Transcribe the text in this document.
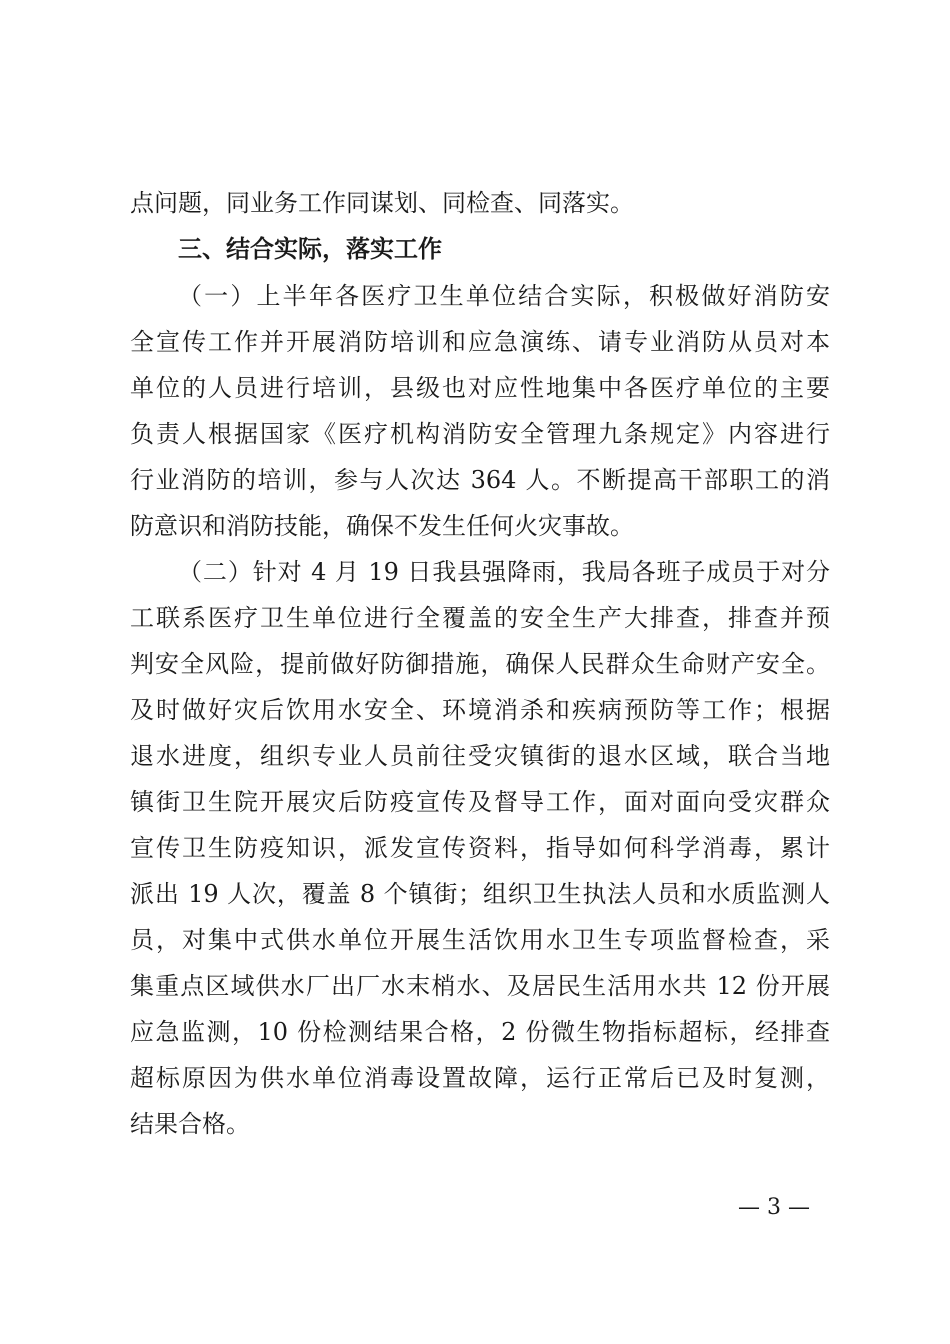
点问题，同业务工作同谋划、同检查、同落实。
三、结合实际，落实工作
（一）上半年各医疗卫生单位结合实际，积极做好消防安
全宣传工作并开展消防培训和应急演练、请专业消防从员对本
单位的人员进行培训，县级也对应性地集中各医疗单位的主要
负责人根据国家《医疗机构消防安全管理九条规定》内容进行
行业消防的培训，参与人次达 364 人。不断提高干部职工的消
防意识和消防技能，确保不发生任何火灾事故。
（二）针对 4 月 19 日我县强降雨，我局各班子成员于对分
工联系医疗卫生单位进行全覆盖的安全生产大排查，排查并预
判安全风险，提前做好防御措施，确保人民群众生命财产安全。
及时做好灾后饮用水安全、环境消杀和疾病预防等工作；根据
退水进度，组织专业人员前往受灾镇街的退水区域，联合当地
镇街卫生院开展灾后防疫宣传及督导工作，面对面向受灾群众
宣传卫生防疫知识，派发宣传资料，指导如何科学消毒，累计
派出 19 人次，覆盖 8 个镇街；组织卫生执法人员和水质监测人
员，对集中式供水单位开展生活饮用水卫生专项监督检查，采
集重点区域供水厂出厂水末梢水、及居民生活用水共 12 份开展
应急监测，10 份检测结果合格，2 份微生物指标超标，经排查
超标原因为供水单位消毒设置故障，运行正常后已及时复测，
结果合格。
— 3 —
